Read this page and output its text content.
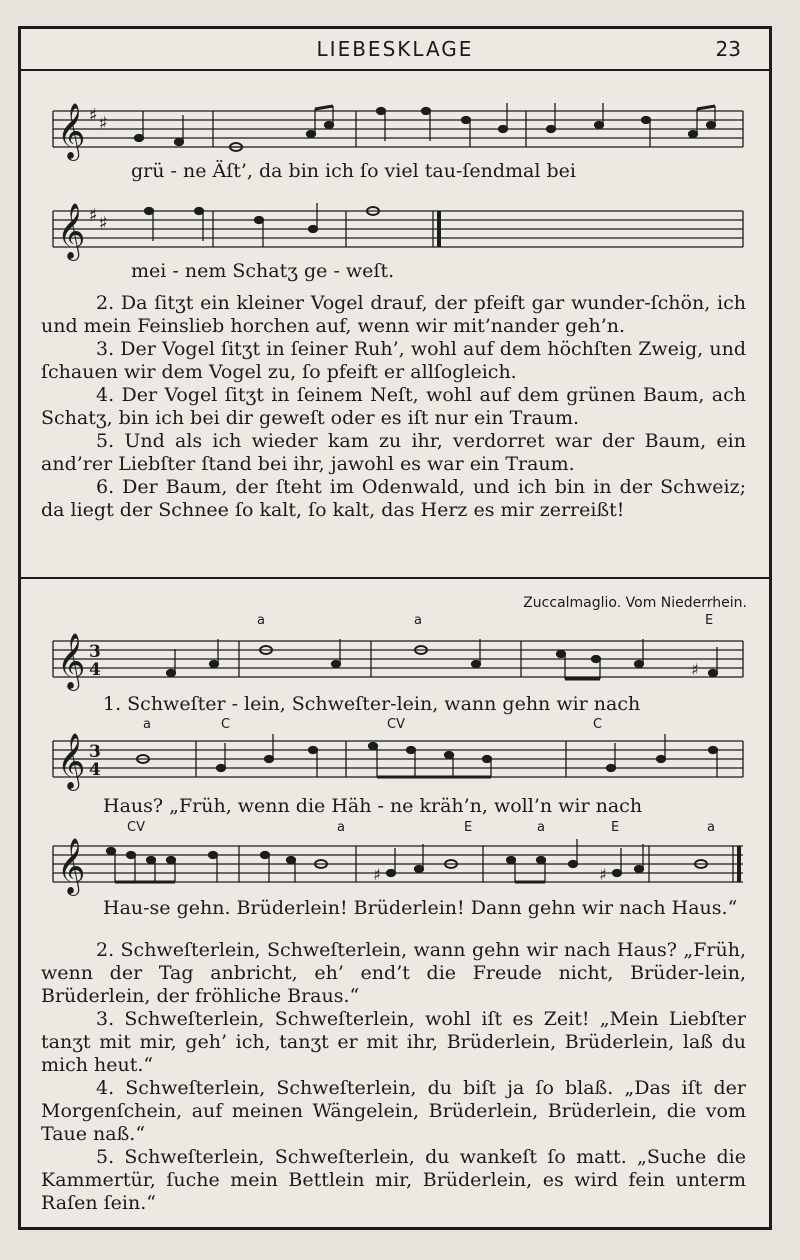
LIEBESKLAGE	23
𝄞 ♯ ♯
grü - ne Äſt’, da bin ich ſo viel tau-ſendmal bei
𝄞 ♯ ♯
mei - nem Schatʒ ge - weſt.

2. Da ſitʒt ein kleiner Vogel drauf, der pfeift gar wunder-ſchön, ich und mein Feinslieb horchen auf, wenn wir mit’nander geh’n.

3. Der Vogel ſitʒt in ſeiner Ruh’, wohl auf dem höchſten Zweig, und ſchauen wir dem Vogel zu, ſo pfeift er allſogleich.

4. Der Vogel ſitʒt in ſeinem Neſt, wohl auf dem grünen Baum, ach Schatʒ, bin ich bei dir geweſt oder es iſt nur ein Traum.

5. Und als ich wieder kam zu ihr, verdorret war der Baum, ein and’rer Liebſter ſtand bei ihr, jawohl es war ein Traum.

6. Der Baum, der ſteht im Odenwald, und ich bin in der Schweiz; da liegt der Schnee ſo kalt, ſo kalt, das Herz es mir zerreißt!

Zuccalmaglio. Vom Niederrhein.
a	a	E
𝄞 3
4	♯
1. Schweſter - lein, Schweſter-lein, wann gehn wir nach
a	C	CV	C
𝄞 3
4
Haus? „Früh, wenn die Häh - ne kräh’n, woll’n wir nach
CV	a	E	a	E	a
𝄞	♯	♯
Hau-se gehn. Brüderlein! Brüderlein! Dann gehn wir nach Haus.“

2. Schweſterlein, Schweſterlein, wann gehn wir nach Haus? „Früh, wenn der Tag anbricht, eh’ end’t die Freude nicht, Brüder-lein, Brüderlein, der fröhliche Braus.“

3. Schweſterlein, Schweſterlein, wohl iſt es Zeit! „Mein Liebſter tanʒt mit mir, geh’ ich, tanʒt er mit ihr, Brüderlein, Brüderlein, laß du mich heut.“

4. Schweſterlein, Schweſterlein, du biſt ja ſo blaß. „Das iſt der Morgenſchein, auf meinen Wängelein, Brüderlein, Brüderlein, die vom Taue naß.“

5. Schweſterlein, Schweſterlein, du wankeſt ſo matt. „Suche die Kammertür, ſuche mein Bettlein mir, Brüderlein, es wird fein unterm Raſen ſein.“
